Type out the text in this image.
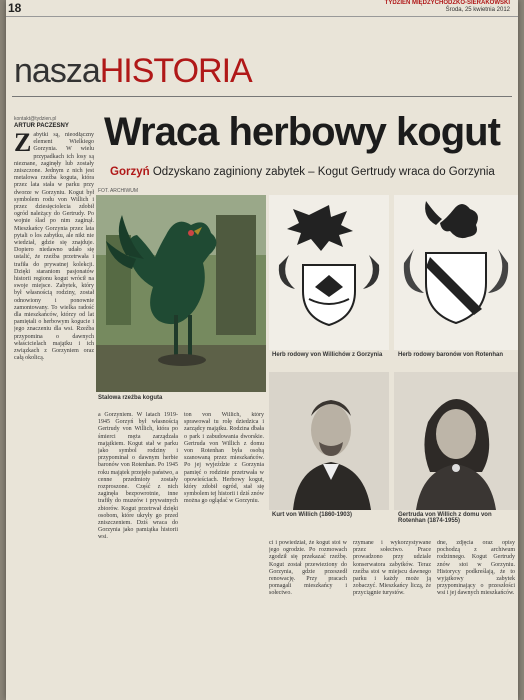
18	TYDZIEŃ MIĘDZYCHODZKO-SIERAKOWSKI
Środa, 25 kwietnia 2012
naszaHISTORIA
kontakt@tydzien.pl
ARTUR PACZESNY Wraca herbowy kogut
Gorzyń Odzyskano zaginiony zabytek – Kogut Gertrudy wraca do Gorzynia
Zabytki są, nieodłączny element Wielkiego Gorzynia. W wielu przypadkach ich losy są nieznane, zaginęły lub zostały zniszczone. Jednym z nich jest metalowa rzeźba koguta, która przez lata stała w parku przy dworze w Gorzyniu. Kogut był symbolem rodu von Willich i przez dziesięciolecia zdobił ogród należący do Gertrudy. Po wojnie ślad po nim zaginął. Mieszkańcy Gorzynia przez lata pytali o los zabytku, ale nikt nie wiedział, gdzie się znajduje. Dopiero niedawno udało się ustalić, że rzeźba przetrwała i trafiła do prywatnej kolekcji. Dzięki staraniom pasjonatów historii regionu kogut wrócił na swoje miejsce. Zabytek, który był własnością rodziny, został odnowiony i ponownie zamontowany. To wielka radość dla mieszkańców, którzy od lat pamiętali o herbowym kogucie i jego znaczeniu dla wsi. Rzeźba przypomina o dawnych właścicielach majątku i ich związkach z Gorzyniem oraz całą okolicą.
Stalowa rzeźba koguta
FOT. ARCHIWUM
Herb rodowy von Willichów z Gorzynia	Herb rodowy baronów von Rotenhan
Kurt von Willich (1860-1903)	Gertruda von Willich z domu von Rotenhan (1874-1955)
a Gorzyniem. W latach 1919-1945 Gorzyń był własnością Gertrudy von Willich, która po śmierci męża zarządzała majątkiem. Kogut stał w parku jako symbol rodziny i przypominał o dawnym herbie baronów von Rotenhan. Po 1945 roku majątek przejęło państwo, a cenne przedmioty zostały rozproszone. Część z nich zaginęła bezpowrotnie, inne trafiły do muzeów i prywatnych zbiorów. Kogut przetrwał dzięki osobom, które ukryły go przed zniszczeniem. Dziś wraca do Gorzynia jako pamiątka historii wsi.
ton von Willich, który sprawował tu rolę dziedzica i zarządcy majątku. Rodzina dbała o park i zabudowania dworskie. Gertruda von Willich z domu von Rotenhan była osobą szanowaną przez mieszkańców. Po jej wyjeździe z Gorzynia pamięć o rodzinie przetrwała w opowieściach. Herbowy kogut, który zdobił ogród, stał się symbolem tej historii i dziś znów można go oglądać w Gorzyniu.
ci i powiedział, że kogut stoi w jego ogrodzie. Po rozmowach zgodził się przekazać rzeźbę. Kogut został przewieziony do Gorzynia, gdzie przeszedł renowację. Przy pracach pomagali mieszkańcy i sołectwo.
rzymane i wykorzystywane przez sołectwo. Prace prowadzono przy udziale konserwatora zabytków. Teraz rzeźba stoi w miejscu dawnego parku i każdy może ją zobaczyć. Mieszkańcy liczą, że przyciągnie turystów.
dne, zdjęcia oraz opisy pochodzą z archiwum rodzinnego. Kogut Gertrudy znów stoi w Gorzyniu. Historycy podkreślają, że to wyjątkowy zabytek przypominający o przeszłości wsi i jej dawnych mieszkańców.
